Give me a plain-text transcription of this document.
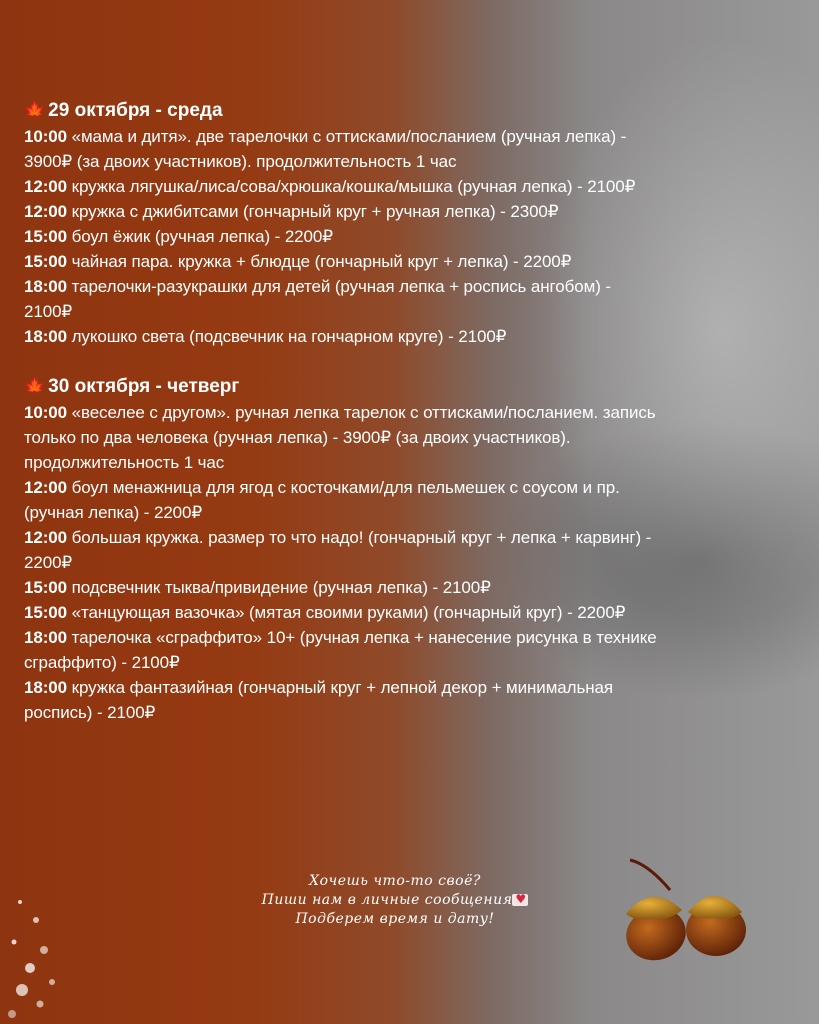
🍁 29 октября - среда
10:00 «мама и дитя». две тарелочки с оттисками/посланием (ручная лепка) -
3900₽ (за двоих участников). продолжительность 1 час
12:00 кружка лягушка/лиса/сова/хрюшка/кошка/мышка (ручная лепка) - 2100₽
12:00 кружка с джибитсами (гончарный круг + ручная лепка) - 2300₽
15:00 боул ёжик (ручная лепка) - 2200₽
15:00 чайная пара. кружка + блюдце (гончарный круг + лепка) - 2200₽
18:00 тарелочки-разукрашки для детей (ручная лепка + роспись ангобом) -
2100₽
18:00 лукошко света (подсвечник на гончарном круге) - 2100₽
🍁 30 октября - четверг
10:00 «веселее с другом». ручная лепка тарелок с оттисками/посланием. запись
только по два человека (ручная лепка) - 3900₽ (за двоих участников).
продолжительность 1 час
12:00 боул менажница для ягод с косточками/для пельмешек с соусом и пр.
(ручная лепка) - 2200₽
12:00 большая кружка. размер то что надо! (гончарный круг + лепка + карвинг) -
2200₽
15:00 подсвечник тыква/привидение (ручная лепка) - 2100₽
15:00 «танцующая вазочка» (мятая своими руками) (гончарный круг) - 2200₽
18:00 тарелочка «сграффито» 10+ (ручная лепка + нанесение рисунка в технике
сграффито) - 2100₽
18:00 кружка фантазийная (гончарный круг + лепной декор + минимальная
роспись) - 2100₽
Хочешь что-то своё?
Пиши нам в личные сообщения♥
Подберем время и дату!
